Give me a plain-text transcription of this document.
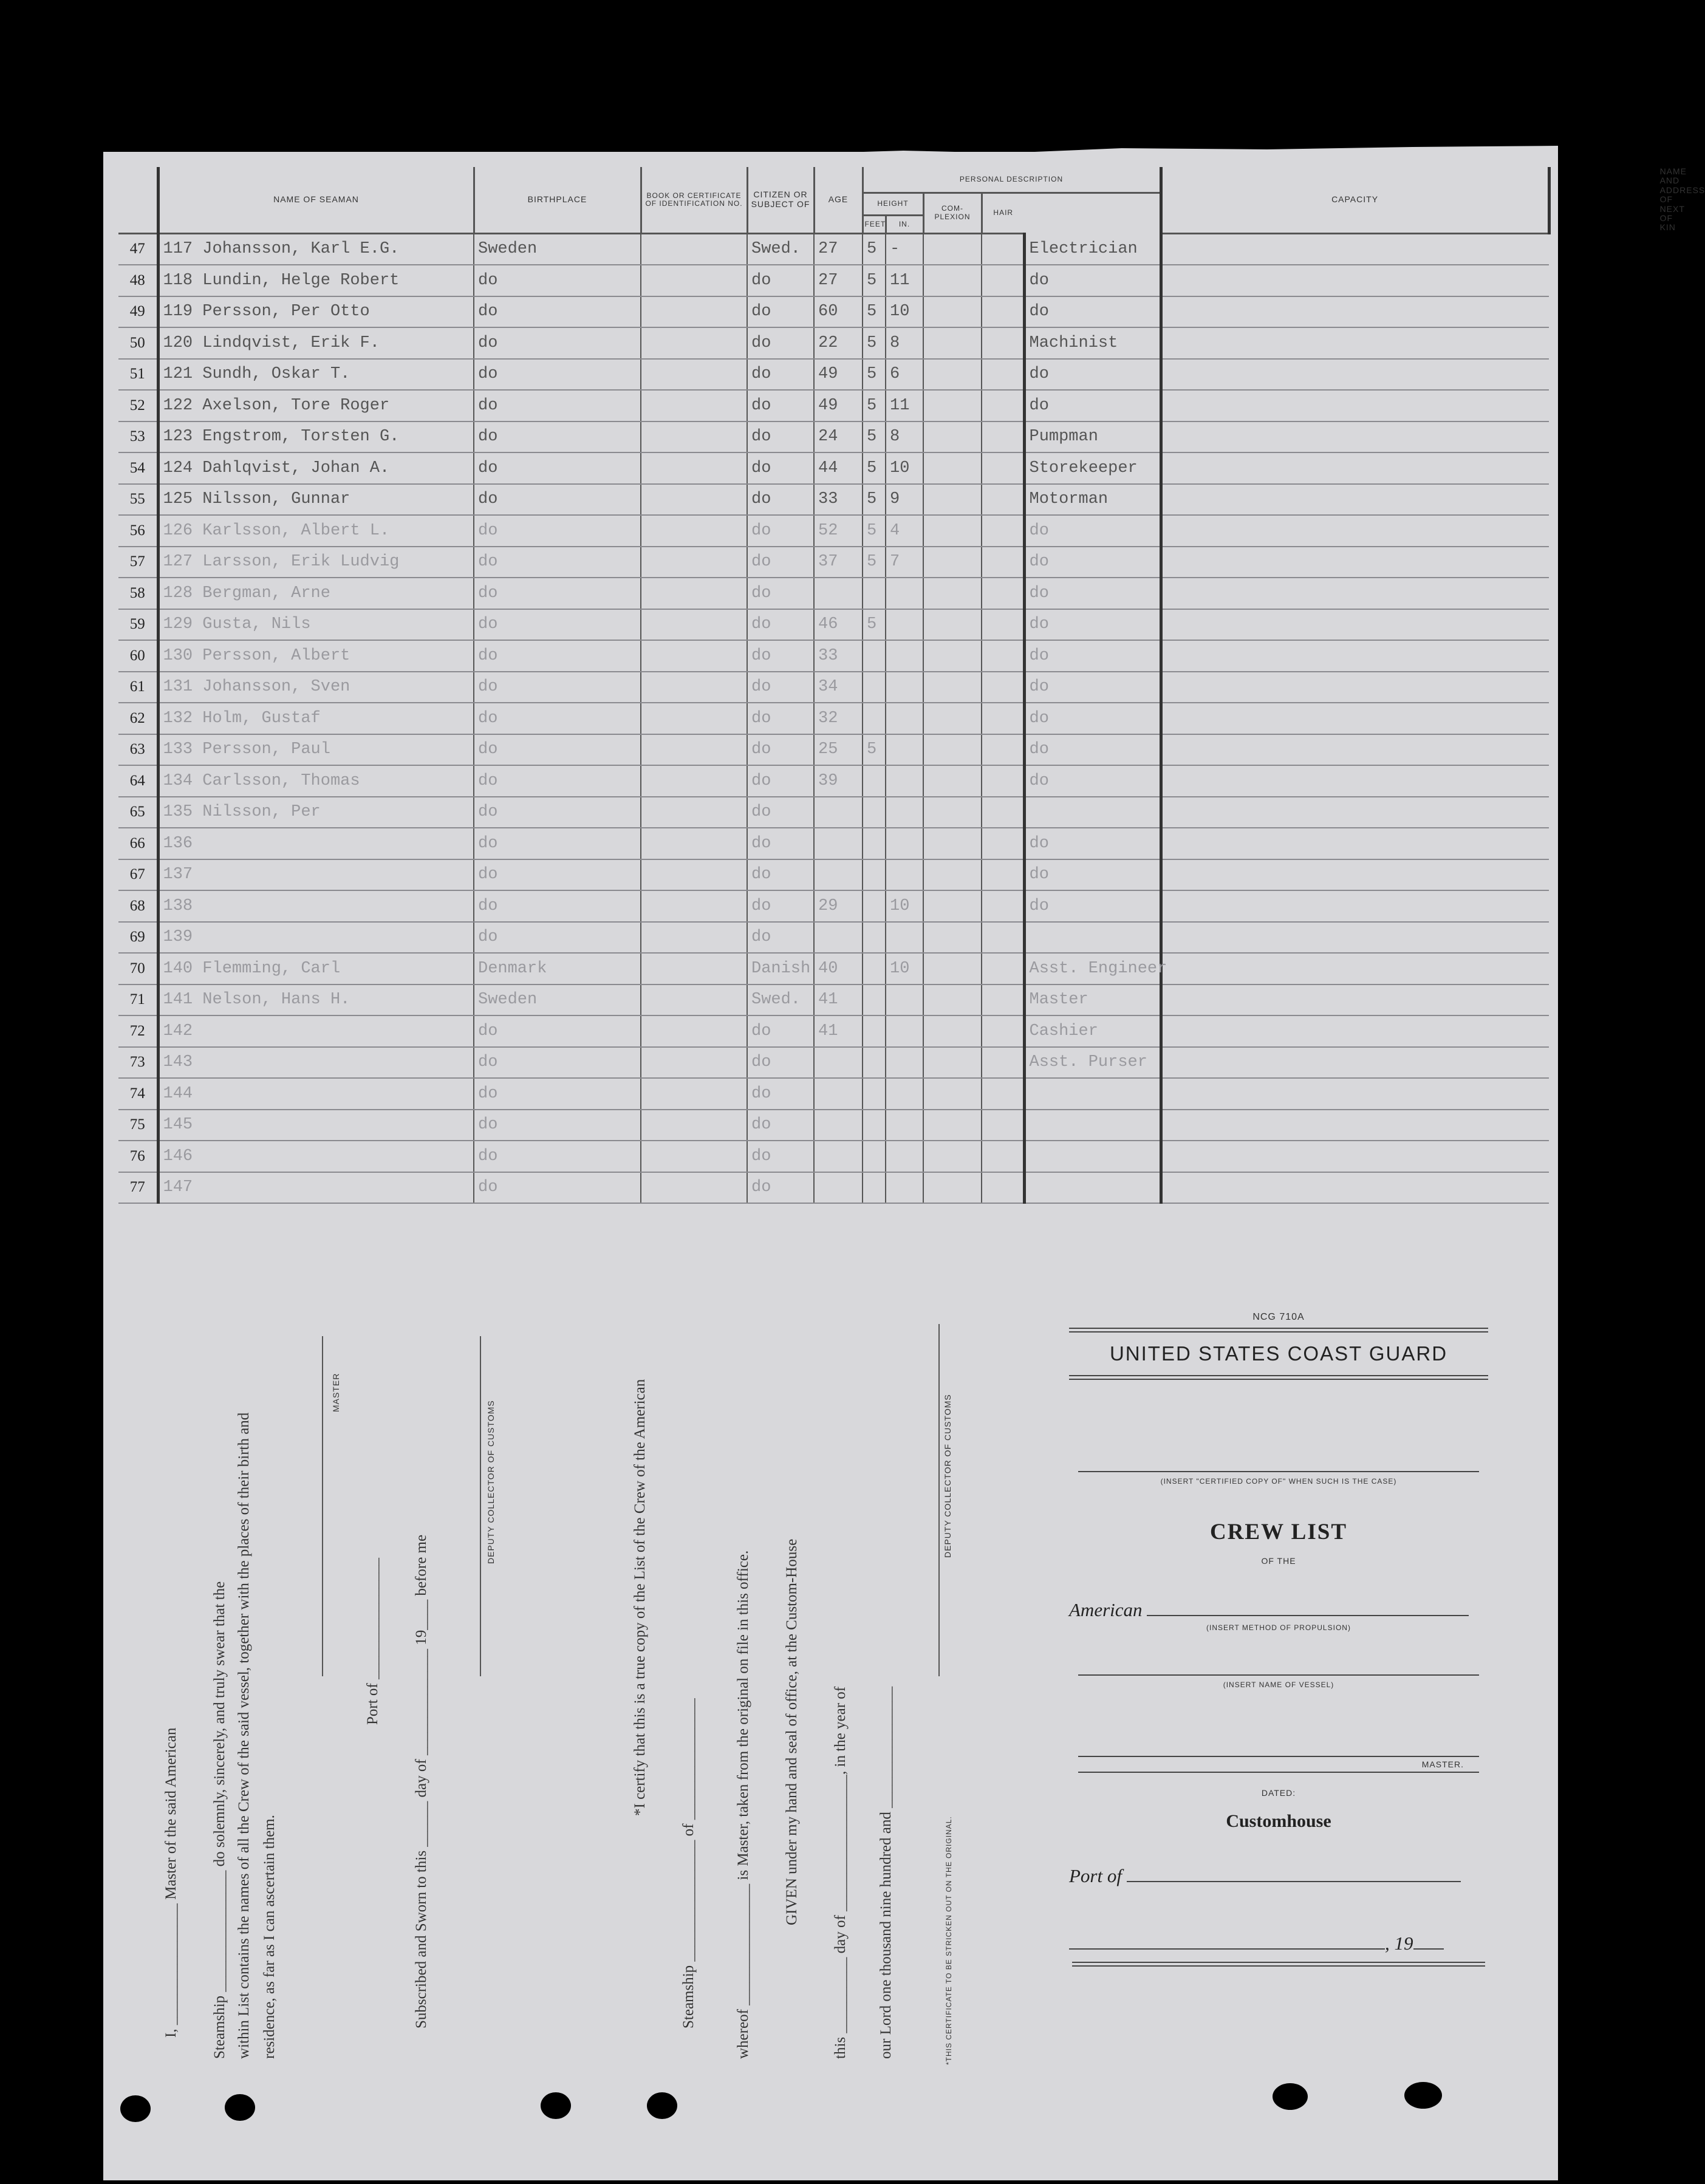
	NAME OF SEAMAN	BIRTHPLACE	BOOK OR CERTIFICATE OF IDENTIFICATION NO.	CITIZEN OR SUBJECT OF	AGE	PERSONAL DESCRIPTION					CAPACITY	NAME AND ADDRESS OF NEXT OF KIN
						HEIGHT		COM- PLEXION	HAIR			
						FEET	IN.					
47	117 Johansson, Karl E.G.	Sweden		Swed.	27	5	-			Electrician		
48	118 Lundin, Helge Robert	do		do	27	5	11			do		
49	119 Persson, Per Otto	do		do	60	5	10			do		
50	120 Lindqvist, Erik F.	do		do	22	5	8			Machinist		
51	121 Sundh, Oskar T.	do		do	49	5	6			do		
52	122 Axelson, Tore Roger	do		do	49	5	11			do		
53	123 Engstrom, Torsten G.	do		do	24	5	8			Pumpman		
54	124 Dahlqvist, Johan A.	do		do	44	5	10			Storekeeper		
55	125 Nilsson, Gunnar	do		do	33	5	9			Motorman		
56	126 Karlsson, Albert L.	do		do	52	5	4			do		
57	127 Larsson, Erik Ludvig	do		do	37	5	7			do		
58	128 Bergman, Arne	do		do						do		
59	129 Gusta, Nils	do		do	46	5				do		
60	130 Persson, Albert	do		do	33					do		
61	131 Johansson, Sven	do		do	34					do		
62	132 Holm, Gustaf	do		do	32					do		
63	133 Persson, Paul	do		do	25	5				do		
64	134 Carlsson, Thomas	do		do	39					do		
65	135 Nilsson, Per	do		do								
66	136	do		do						do		
67	137	do		do						do		
68	138	do		do	29		10			do		
69	139	do		do								
70	140 Flemming, Carl	Denmark		Danish	40		10			Asst. Engineer		
71	141 Nelson, Hans H.	Sweden		Swed.	41					Master		
72	142	do		do	41					Cashier		
73	143	do		do						Asst. Purser		
74	144	do		do								
75	145	do		do								
76	146	do		do								
77	147	do		do								
I, ________________ Master of the said American Steamship ________________ do solemnly, sincerely, and truly swear that the within List contains the names of all the Crew of the said vessel, together with the places of their birth and residence, as far as I can ascertain them.
MASTER
Port of ________________ Subscribed and Sworn to this ______ day of ______________ 19____ before me
DEPUTY COLLECTOR OF CUSTOMS	*I certify that this is a true copy of the List of the Crew of the American
Steamship ________________ of ________________	whereof ________________ is Master, taken from the original on file in this office. GIVEN under my hand and seal of office, at the Custom-House this __________ day of __________________, in the year of our Lord one thousand nine hundred and ________________
DEPUTY COLLECTOR OF CUSTOMS
*THIS CERTIFICATE TO BE STRICKEN OUT ON THE ORIGINAL.
NCG 710A
UNITED STATES COAST GUARD
(INSERT "CERTIFIED COPY OF" WHEN SUCH IS THE CASE)
CREW LIST
OF THE
American
(INSERT METHOD OF PROPULSION)
(INSERT NAME OF VESSEL)
MASTER.
DATED:
Customhouse
Port of
, 19
